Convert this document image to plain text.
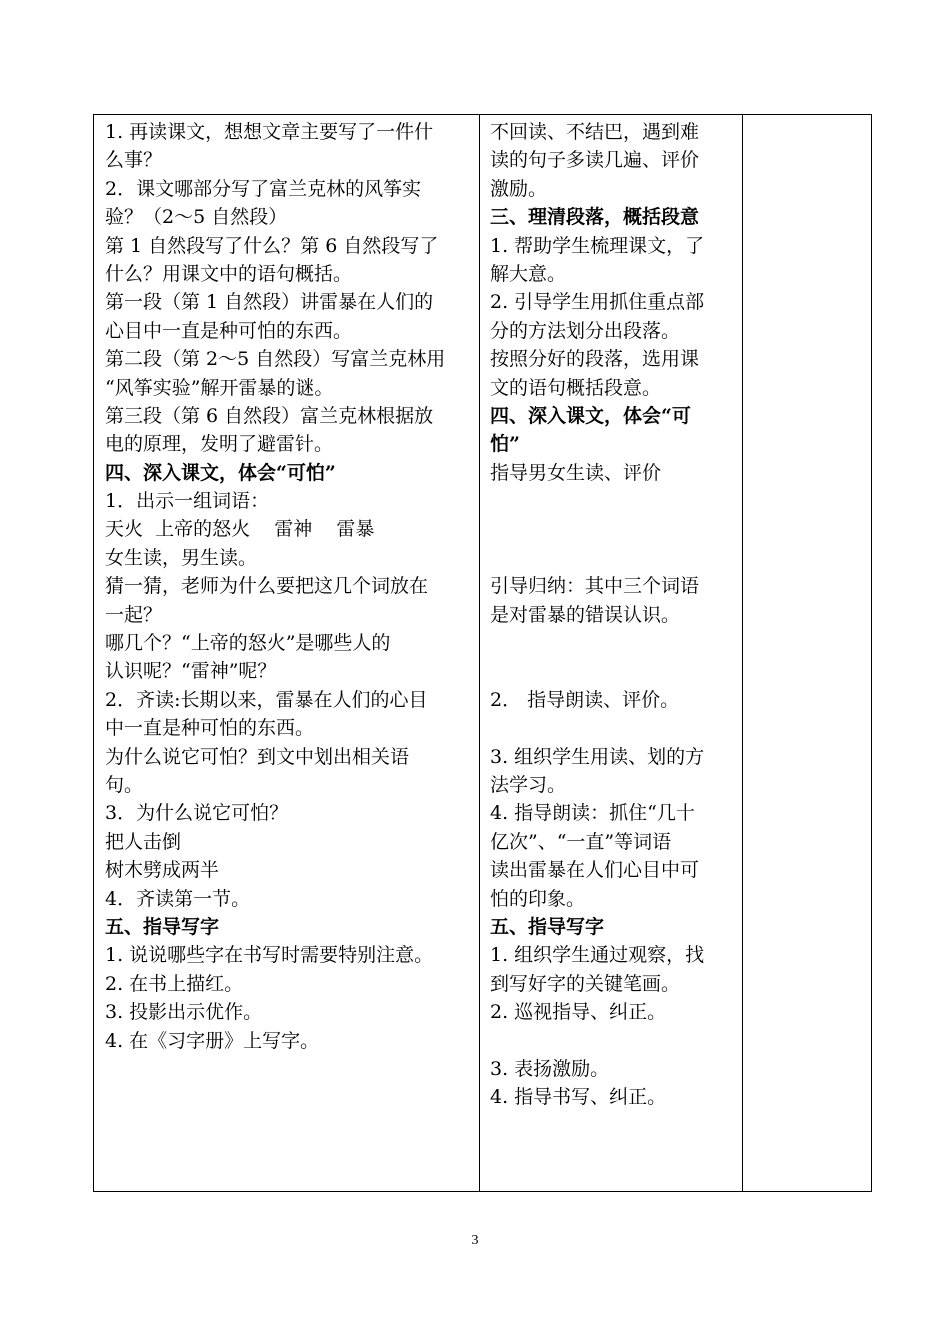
1. 再读课文，想想文章主要写了一件什
么事？
2．课文哪部分写了富兰克林的风筝实
验？（2～5 自然段）
第 1 自然段写了什么？第 6 自然段写了
什么？用课文中的语句概括。
第一段（第 1 自然段）讲雷暴在人们的
心目中一直是种可怕的东西。
第二段（第 2～5 自然段）写富兰克林用
“风筝实验”解开雷暴的谜。
第三段（第 6 自然段）富兰克林根据放
电的原理，发明了避雷针。
四、深入课文，体会“可怕”
1．出示一组词语：
天火  上帝的怒火    雷神    雷暴
女生读，男生读。
猜一猜，老师为什么要把这几个词放在
一起？
哪几个？“上帝的怒火”是哪些人的
认识呢？“雷神”呢？
2．齐读:长期以来，雷暴在人们的心目
中一直是种可怕的东西。
为什么说它可怕？到文中划出相关语
句。
3．为什么说它可怕？
把人击倒
树木劈成两半
4．齐读第一节。
五、指导写字
1. 说说哪些字在书写时需要特别注意。
2. 在书上描红。
3. 投影出示优作。
4. 在《习字册》上写字。
不回读、不结巴，遇到难
读的句子多读几遍、评价
激励。
三、理清段落，概括段意
1. 帮助学生梳理课文，了
解大意。
2. 引导学生用抓住重点部
分的方法划分出段落。
按照分好的段落，选用课
文的语句概括段意。
四、深入课文，体会“可
怕”
指导男女生读、评价
引导归纳：其中三个词语
是对雷暴的错误认识。
2． 指导朗读、评价。
3. 组织学生用读、划的方
法学习。
4. 指导朗读：抓住“几十
亿次”、“一直”等词语
读出雷暴在人们心目中可
怕的印象。
五、指导写字
1. 组织学生通过观察，找
到写好字的关键笔画。
2. 巡视指导、纠正。
3. 表扬激励。
4. 指导书写、纠正。
3
